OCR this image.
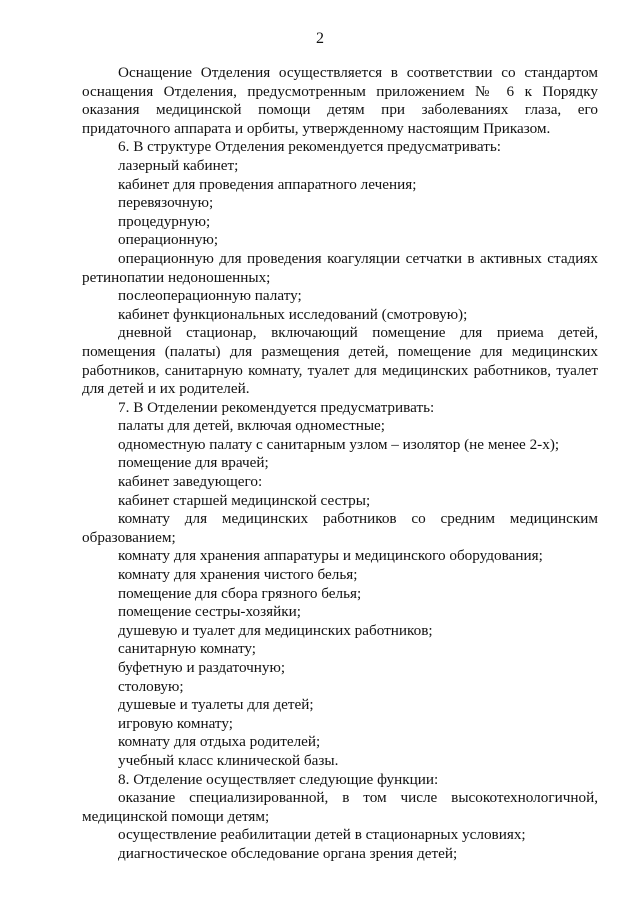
2

Оснащение Отделения осуществляется в соответствии со стандартом оснащения Отделения, предусмотренным приложением № 6 к Порядку оказания медицинской помощи детям при заболеваниях глаза, его придаточного аппарата и орбиты, утвержденному настоящим Приказом.

6. В структуре Отделения рекомендуется предусматривать:

лазерный кабинет;

кабинет для проведения аппаратного лечения;

перевязочную;

процедурную;

операционную;

операционную для проведения коагуляции сетчатки в активных стадиях ретинопатии недоношенных;

послеоперационную палату;

кабинет функциональных исследований (смотровую);

дневной стационар, включающий помещение для приема детей, помещения (палаты) для размещения детей, помещение для медицинских работников, санитарную комнату, туалет для медицинских работников, туалет для детей и их родителей.

7. В Отделении рекомендуется предусматривать:

палаты для детей, включая одноместные;

одноместную палату с санитарным узлом – изолятор (не менее 2-х);

помещение для врачей;

кабинет заведующего:

кабинет старшей медицинской сестры;

комнату для медицинских работников со средним медицинским образованием;

комнату для хранения аппаратуры и медицинского оборудования;

комнату для хранения чистого белья;

помещение для сбора грязного белья;

помещение сестры-хозяйки;

душевую и туалет для медицинских работников;

санитарную комнату;

буфетную и раздаточную;

столовую;

душевые и туалеты для детей;

игровую комнату;

комнату для отдыха родителей;

учебный класс клинической базы.

8. Отделение осуществляет следующие функции:

оказание специализированной, в том числе высокотехнологичной, медицинской помощи детям;

осуществление реабилитации детей в стационарных условиях;

диагностическое обследование органа зрения детей;
